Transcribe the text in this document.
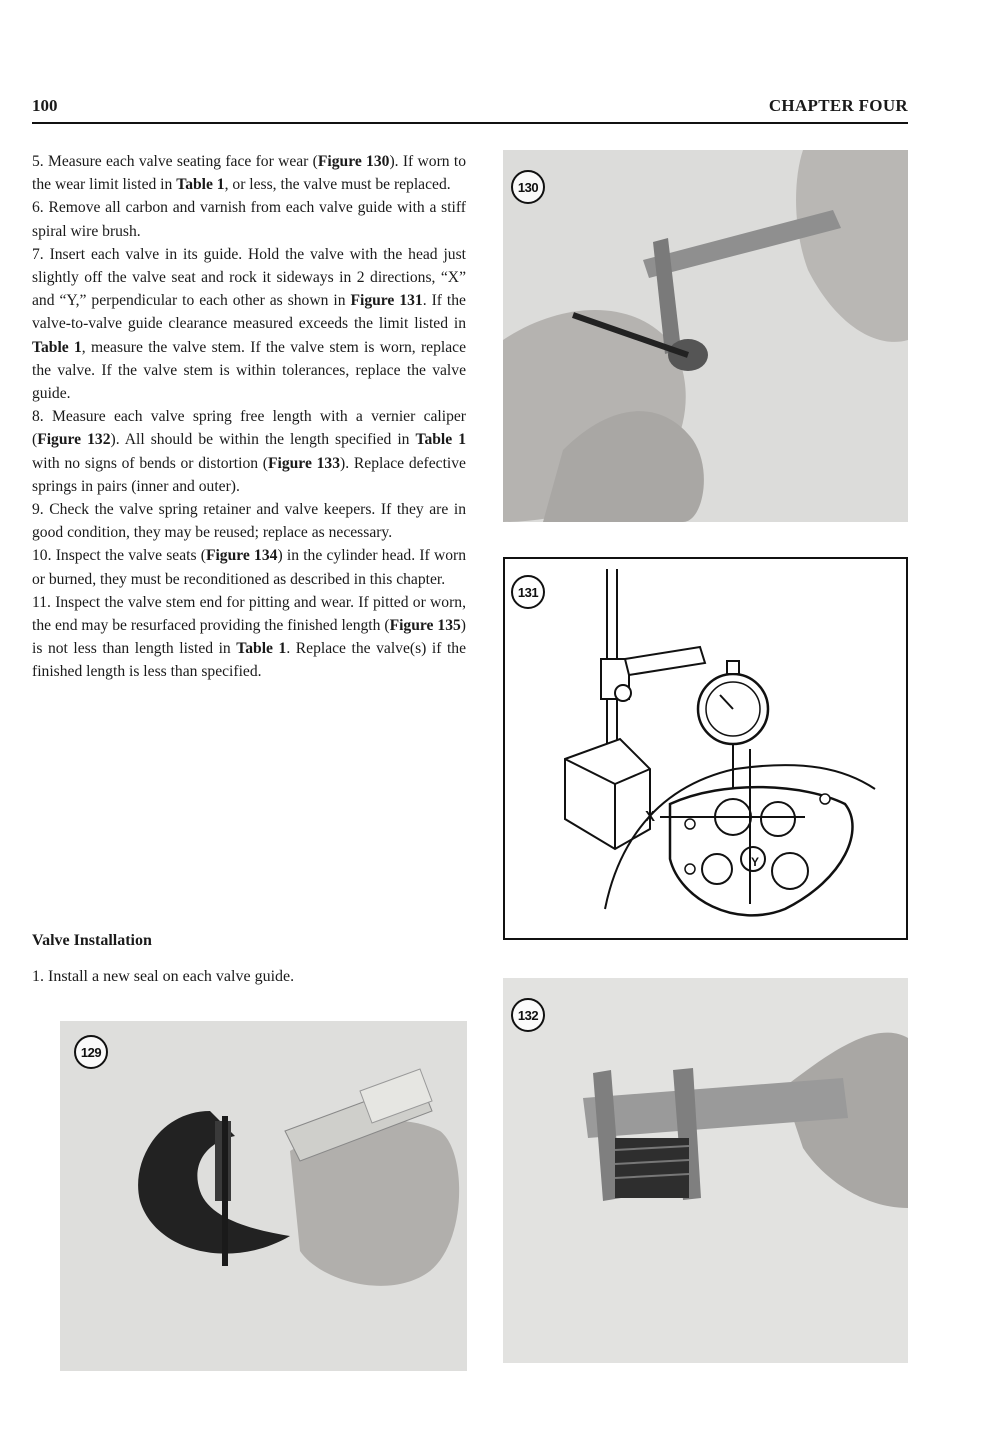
100	CHAPTER FOUR

5. Measure each valve seating face for wear (Figure 130). If worn to the wear limit listed in Table 1, or less, the valve must be replaced.

6. Remove all carbon and varnish from each valve guide with a stiff spiral wire brush.

7. Insert each valve in its guide. Hold the valve with the head just slightly off the valve seat and rock it sideways in 2 directions, “X” and “Y,” perpendicular to each other as shown in Figure 131. If the valve-to-valve guide clearance measured exceeds the limit listed in Table 1, measure the valve stem. If the valve stem is worn, replace the valve. If the valve stem is within tolerances, replace the valve guide.

8. Measure each valve spring free length with a vernier caliper (Figure 132). All should be within the length specified in Table 1 with no signs of bends or distortion (Figure 133). Replace defective springs in pairs (inner and outer).

9. Check the valve spring retainer and valve keepers. If they are in good condition, they may be reused; replace as necessary.

10. Inspect the valve seats (Figure 134) in the cylinder head. If worn or burned, they must be reconditioned as described in this chapter.

11. Inspect the valve stem end for pitting and wear. If pitted or worn, the end may be resurfaced providing the finished length (Figure 135) is not less than length listed in Table 1. Replace the valve(s) if the finished length is less than specified.

Valve Installation
1. Install a new seal on each valve guide.
130
131
X
Y
132
129
